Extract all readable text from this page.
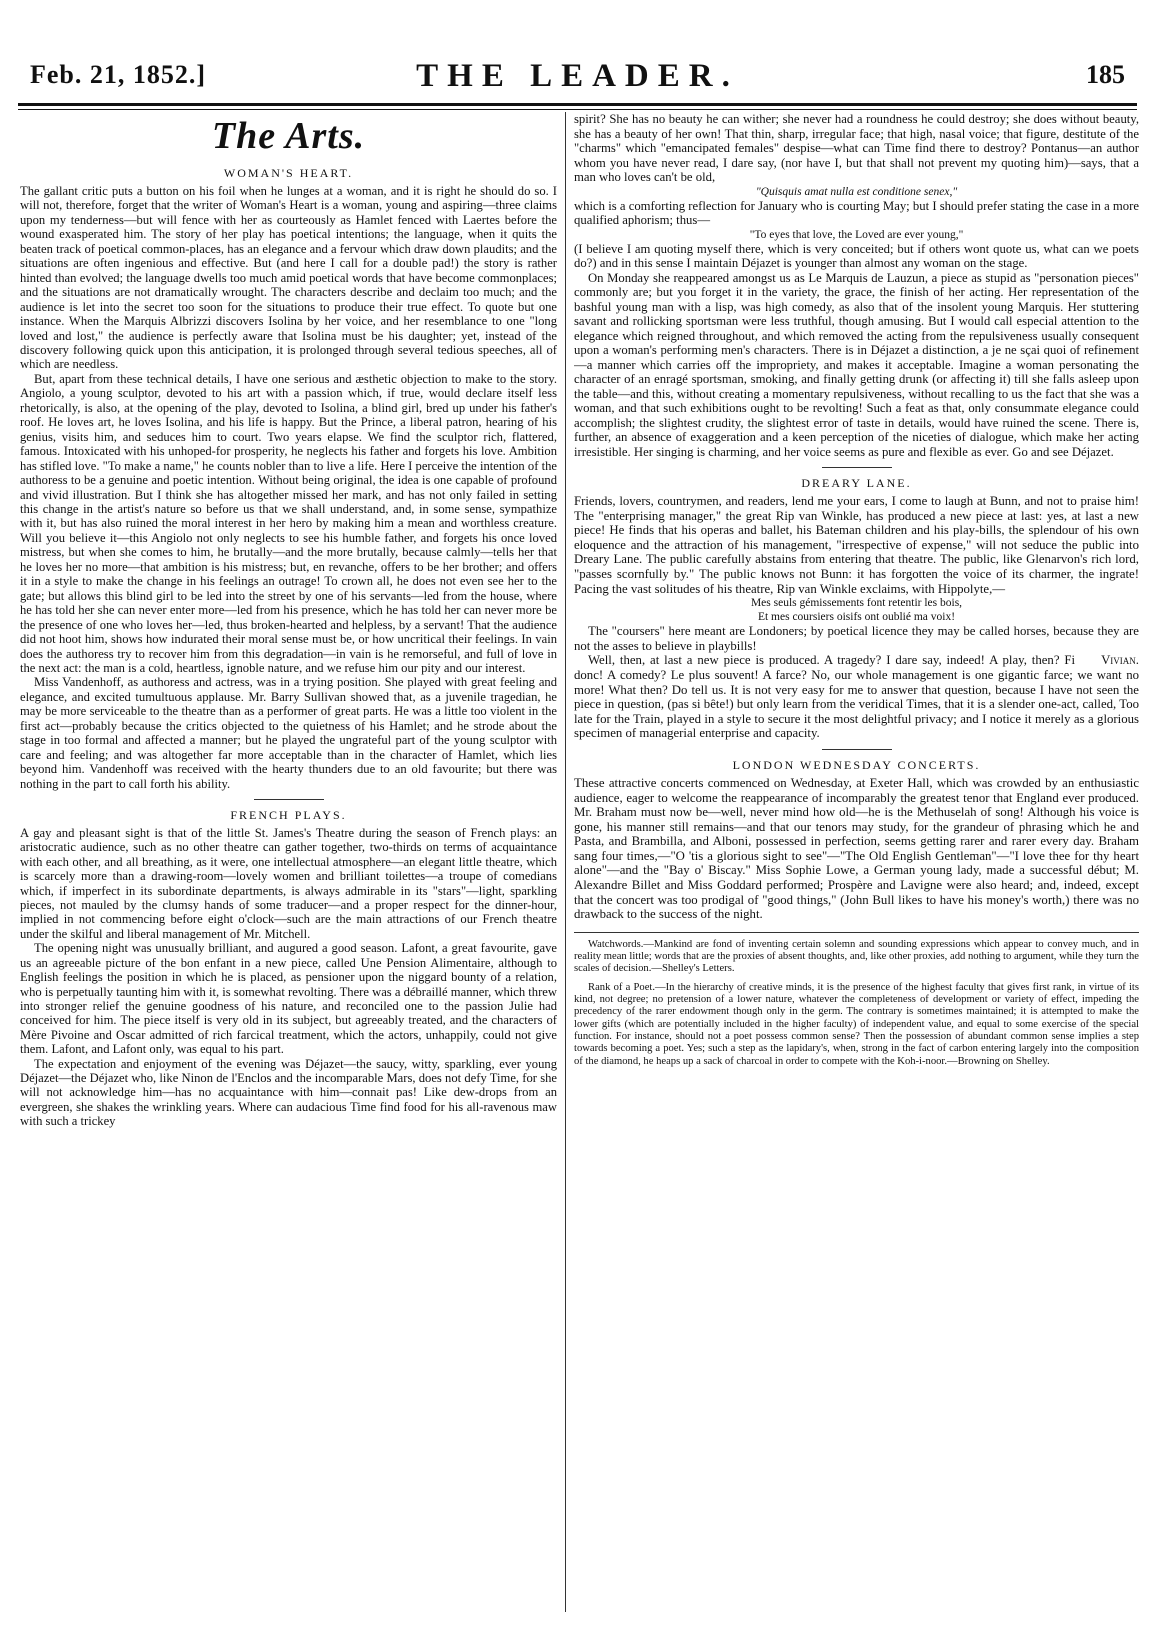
Feb. 21, 1852.]	THE LEADER.	185
The Arts.
WOMAN'S HEART.

The gallant critic puts a button on his foil when he lunges at a woman, and it is right he should do so. I will not, therefore, forget that the writer of Woman's Heart is a woman, young and aspiring—three claims upon my tenderness—but will fence with her as courteously as Hamlet fenced with Laertes before the wound exasperated him. The story of her play has poetical intentions; the language, when it quits the beaten track of poetical common-places, has an elegance and a fervour which draw down plaudits; and the situations are often ingenious and effective. But (and here I call for a double pad!) the story is rather hinted than evolved; the language dwells too much amid poetical words that have become commonplaces; and the situations are not dramatically wrought. The characters describe and declaim too much; and the audience is let into the secret too soon for the situations to produce their true effect. To quote but one instance. When the Marquis Albrizzi discovers Isolina by her voice, and her resemblance to one "long loved and lost," the audience is perfectly aware that Isolina must be his daughter; yet, instead of the discovery following quick upon this anticipation, it is prolonged through several tedious speeches, all of which are needless.

But, apart from these technical details, I have one serious and æsthetic objection to make to the story. Angiolo, a young sculptor, devoted to his art with a passion which, if true, would declare itself less rhetorically, is also, at the opening of the play, devoted to Isolina, a blind girl, bred up under his father's roof. He loves art, he loves Isolina, and his life is happy. But the Prince, a liberal patron, hearing of his genius, visits him, and seduces him to court. Two years elapse. We find the sculptor rich, flattered, famous. Intoxicated with his unhoped-for prosperity, he neglects his father and forgets his love. Ambition has stifled love. "To make a name," he counts nobler than to live a life. Here I perceive the intention of the authoress to be a genuine and poetic intention. Without being original, the idea is one capable of profound and vivid illustration. But I think she has altogether missed her mark, and has not only failed in setting this change in the artist's nature so before us that we shall understand, and, in some sense, sympathize with it, but has also ruined the moral interest in her hero by making him a mean and worthless creature. Will you believe it—this Angiolo not only neglects to see his humble father, and forgets his once loved mistress, but when she comes to him, he brutally—and the more brutally, because calmly—tells her that he loves her no more—that ambition is his mistress; but, en revanche, offers to be her brother; and offers it in a style to make the change in his feelings an outrage! To crown all, he does not even see her to the gate; but allows this blind girl to be led into the street by one of his servants—led from the house, where he has told her she can never enter more—led from his presence, which he has told her can never more be the presence of one who loves her—led, thus broken-hearted and helpless, by a servant! That the audience did not hoot him, shows how indurated their moral sense must be, or how uncritical their feelings. In vain does the authoress try to recover him from this degradation—in vain is he remorseful, and full of love in the next act: the man is a cold, heartless, ignoble nature, and we refuse him our pity and our interest.

Miss Vandenhoff, as authoress and actress, was in a trying position. She played with great feeling and elegance, and excited tumultuous applause. Mr. Barry Sullivan showed that, as a juvenile tragedian, he may be more serviceable to the theatre than as a performer of great parts. He was a little too violent in the first act—probably because the critics objected to the quietness of his Hamlet; and he strode about the stage in too formal and affected a manner; but he played the ungrateful part of the young sculptor with care and feeling; and was altogether far more acceptable than in the character of Hamlet, which lies beyond him. Vandenhoff was received with the hearty thunders due to an old favourite; but there was nothing in the part to call forth his ability.

FRENCH PLAYS.

A gay and pleasant sight is that of the little St. James's Theatre during the season of French plays: an aristocratic audience, such as no other theatre can gather together, two-thirds on terms of acquaintance with each other, and all breathing, as it were, one intellectual atmosphere—an elegant little theatre, which is scarcely more than a drawing-room—lovely women and brilliant toilettes—a troupe of comedians which, if imperfect in its subordinate departments, is always admirable in its "stars"—light, sparkling pieces, not mauled by the clumsy hands of some traducer—and a proper respect for the dinner-hour, implied in not commencing before eight o'clock—such are the main attractions of our French theatre under the skilful and liberal management of Mr. Mitchell.

The opening night was unusually brilliant, and augured a good season. Lafont, a great favourite, gave us an agreeable picture of the bon enfant in a new piece, called Une Pension Alimentaire, although to English feelings the position in which he is placed, as pensioner upon the niggard bounty of a relation, who is perpetually taunting him with it, is somewhat revolting. There was a débraillé manner, which threw into stronger relief the genuine goodness of his nature, and reconciled one to the passion Julie had conceived for him. The piece itself is very old in its subject, but agreeably treated, and the characters of Mère Pivoine and Oscar admitted of rich farcical treatment, which the actors, unhappily, could not give them. Lafont, and Lafont only, was equal to his part.

The expectation and enjoyment of the evening was Déjazet—the saucy, witty, sparkling, ever young Déjazet—the Déjazet who, like Ninon de l'Enclos and the incomparable Mars, does not defy Time, for she will not acknowledge him—has no acquaintance with him—connait pas! Like dew-drops from an evergreen, she shakes the wrinkling years. Where can audacious Time find food for his all-ravenous maw with such a trickey

spirit? She has no beauty he can wither; she never had a roundness he could destroy; she does without beauty, she has a beauty of her own! That thin, sharp, irregular face; that high, nasal voice; that figure, destitute of the "charms" which "emancipated females" despise—what can Time find there to destroy? Pontanus—an author whom you have never read, I dare say, (nor have I, but that shall not prevent my quoting him)—says, that a man who loves can't be old,

"Quisquis amat nulla est conditione senex,"

which is a comforting reflection for January who is courting May; but I should prefer stating the case in a more qualified aphorism; thus—

"To eyes that love, the Loved are ever young,"

(I believe I am quoting myself there, which is very conceited; but if others wont quote us, what can we poets do?) and in this sense I maintain Déjazet is younger than almost any woman on the stage.

On Monday she reappeared amongst us as Le Marquis de Lauzun, a piece as stupid as "personation pieces" commonly are; but you forget it in the variety, the grace, the finish of her acting. Her representation of the bashful young man with a lisp, was high comedy, as also that of the insolent young Marquis. Her stuttering savant and rollicking sportsman were less truthful, though amusing. But I would call especial attention to the elegance which reigned throughout, and which removed the acting from the repulsiveness usually consequent upon a woman's performing men's characters. There is in Déjazet a distinction, a je ne sçai quoi of refinement—a manner which carries off the impropriety, and makes it acceptable. Imagine a woman personating the character of an enragé sportsman, smoking, and finally getting drunk (or affecting it) till she falls asleep upon the table—and this, without creating a momentary repulsiveness, without recalling to us the fact that she was a woman, and that such exhibitions ought to be revolting! Such a feat as that, only consummate elegance could accomplish; the slightest crudity, the slightest error of taste in details, would have ruined the scene. There is, further, an absence of exaggeration and a keen perception of the niceties of dialogue, which make her acting irresistible. Her singing is charming, and her voice seems as pure and flexible as ever. Go and see Déjazet.

DREARY LANE.

Friends, lovers, countrymen, and readers, lend me your ears, I come to laugh at Bunn, and not to praise him! The "enterprising manager," the great Rip van Winkle, has produced a new piece at last: yes, at last a new piece! He finds that his operas and ballet, his Bateman children and his play-bills, the splendour of his own eloquence and the attraction of his management, "irrespective of expense," will not seduce the public into Dreary Lane. The public carefully abstains from entering that theatre. The public, like Glenarvon's rich lord, "passes scornfully by." The public knows not Bunn: it has forgotten the voice of its charmer, the ingrate! Pacing the vast solitudes of his theatre, Rip van Winkle exclaims, with Hippolyte,—

Mes seuls gémissements font retentir les bois,

Et mes coursiers oisifs ont oublié ma voix!

The "coursers" here meant are Londoners; by poetical licence they may be called horses, because they are not the asses to believe in playbills!

Vivian.
Well, then, at last a new piece is produced. A tragedy? I dare say, indeed! A play, then? Fi donc! A comedy? Le plus souvent! A farce? No, our whole management is one gigantic farce; we want no more! What then? Do tell us. It is not very easy for me to answer that question, because I have not seen the piece in question, (pas si bête!) but only learn from the veridical Times, that it is a slender one-act, called, Too late for the Train, played in a style to secure it the most delightful privacy; and I notice it merely as a glorious specimen of managerial enterprise and capacity.

LONDON WEDNESDAY CONCERTS.

These attractive concerts commenced on Wednesday, at Exeter Hall, which was crowded by an enthusiastic audience, eager to welcome the reappearance of incomparably the greatest tenor that England ever produced. Mr. Braham must now be—well, never mind how old—he is the Methuselah of song! Although his voice is gone, his manner still remains—and that our tenors may study, for the grandeur of phrasing which he and Pasta, and Brambilla, and Alboni, possessed in perfection, seems getting rarer and rarer every day. Braham sang four times,—"O 'tis a glorious sight to see"—"The Old English Gentleman"—"I love thee for thy heart alone"—and the "Bay o' Biscay." Miss Sophie Lowe, a German young lady, made a successful début; M. Alexandre Billet and Miss Goddard performed; Prospère and Lavigne were also heard; and, indeed, except that the concert was too prodigal of "good things," (John Bull likes to have his money's worth,) there was no drawback to the success of the night.

Watchwords.—Mankind are fond of inventing certain solemn and sounding expressions which appear to convey much, and in reality mean little; words that are the proxies of absent thoughts, and, like other proxies, add nothing to argument, while they turn the scales of decision.—Shelley's Letters.

Rank of a Poet.—In the hierarchy of creative minds, it is the presence of the highest faculty that gives first rank, in virtue of its kind, not degree; no pretension of a lower nature, whatever the completeness of development or variety of effect, impeding the precedency of the rarer endowment though only in the germ. The contrary is sometimes maintained; it is attempted to make the lower gifts (which are potentially included in the higher faculty) of independent value, and equal to some exercise of the special function. For instance, should not a poet possess common sense? Then the possession of abundant common sense implies a step towards becoming a poet. Yes; such a step as the lapidary's, when, strong in the fact of carbon entering largely into the composition of the diamond, he heaps up a sack of charcoal in order to compete with the Koh-i-noor.—Browning on Shelley.
